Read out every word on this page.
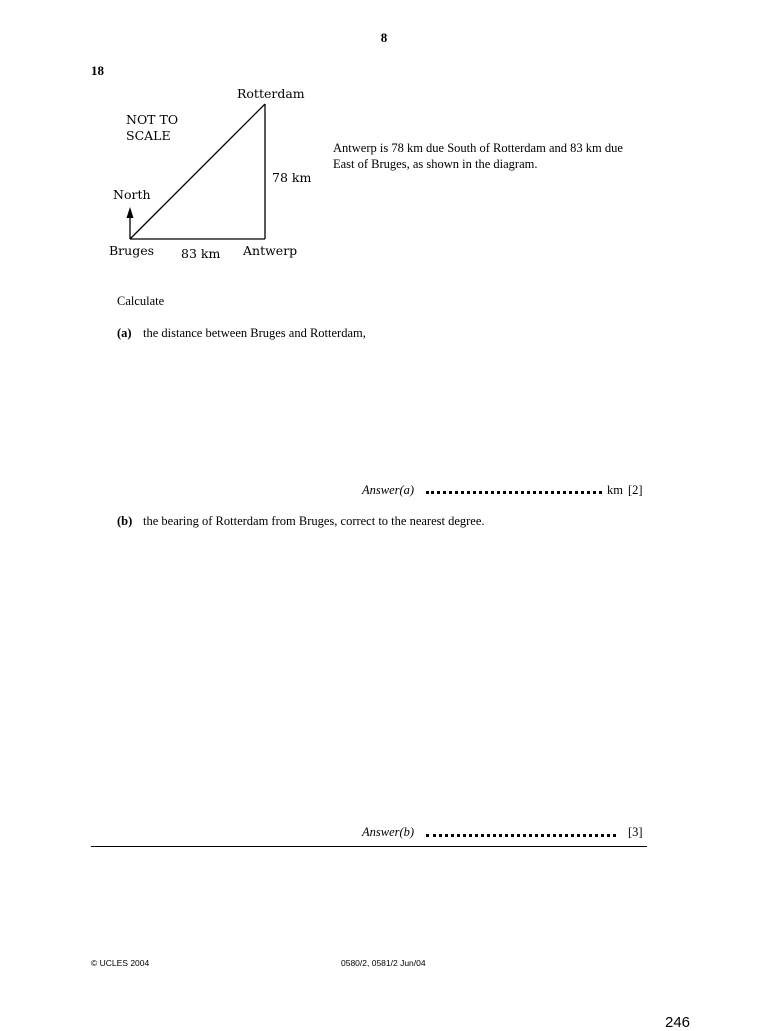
8
18
Rotterdam
NOT TO
SCALE
78 km
North
Bruges 83 km Antwerp
Antwerp is 78 km due South of Rotterdam and 83 km due East of Bruges, as shown in the diagram.
Calculate
(a) the distance between Bruges and Rotterdam,
Answer(a)	km [2]
(b) the bearing of Rotterdam from Bruges, correct to the nearest degree.
Answer(b)	[3]
© UCLES 2004	0580/2, 0581/2 Jun/04
246
